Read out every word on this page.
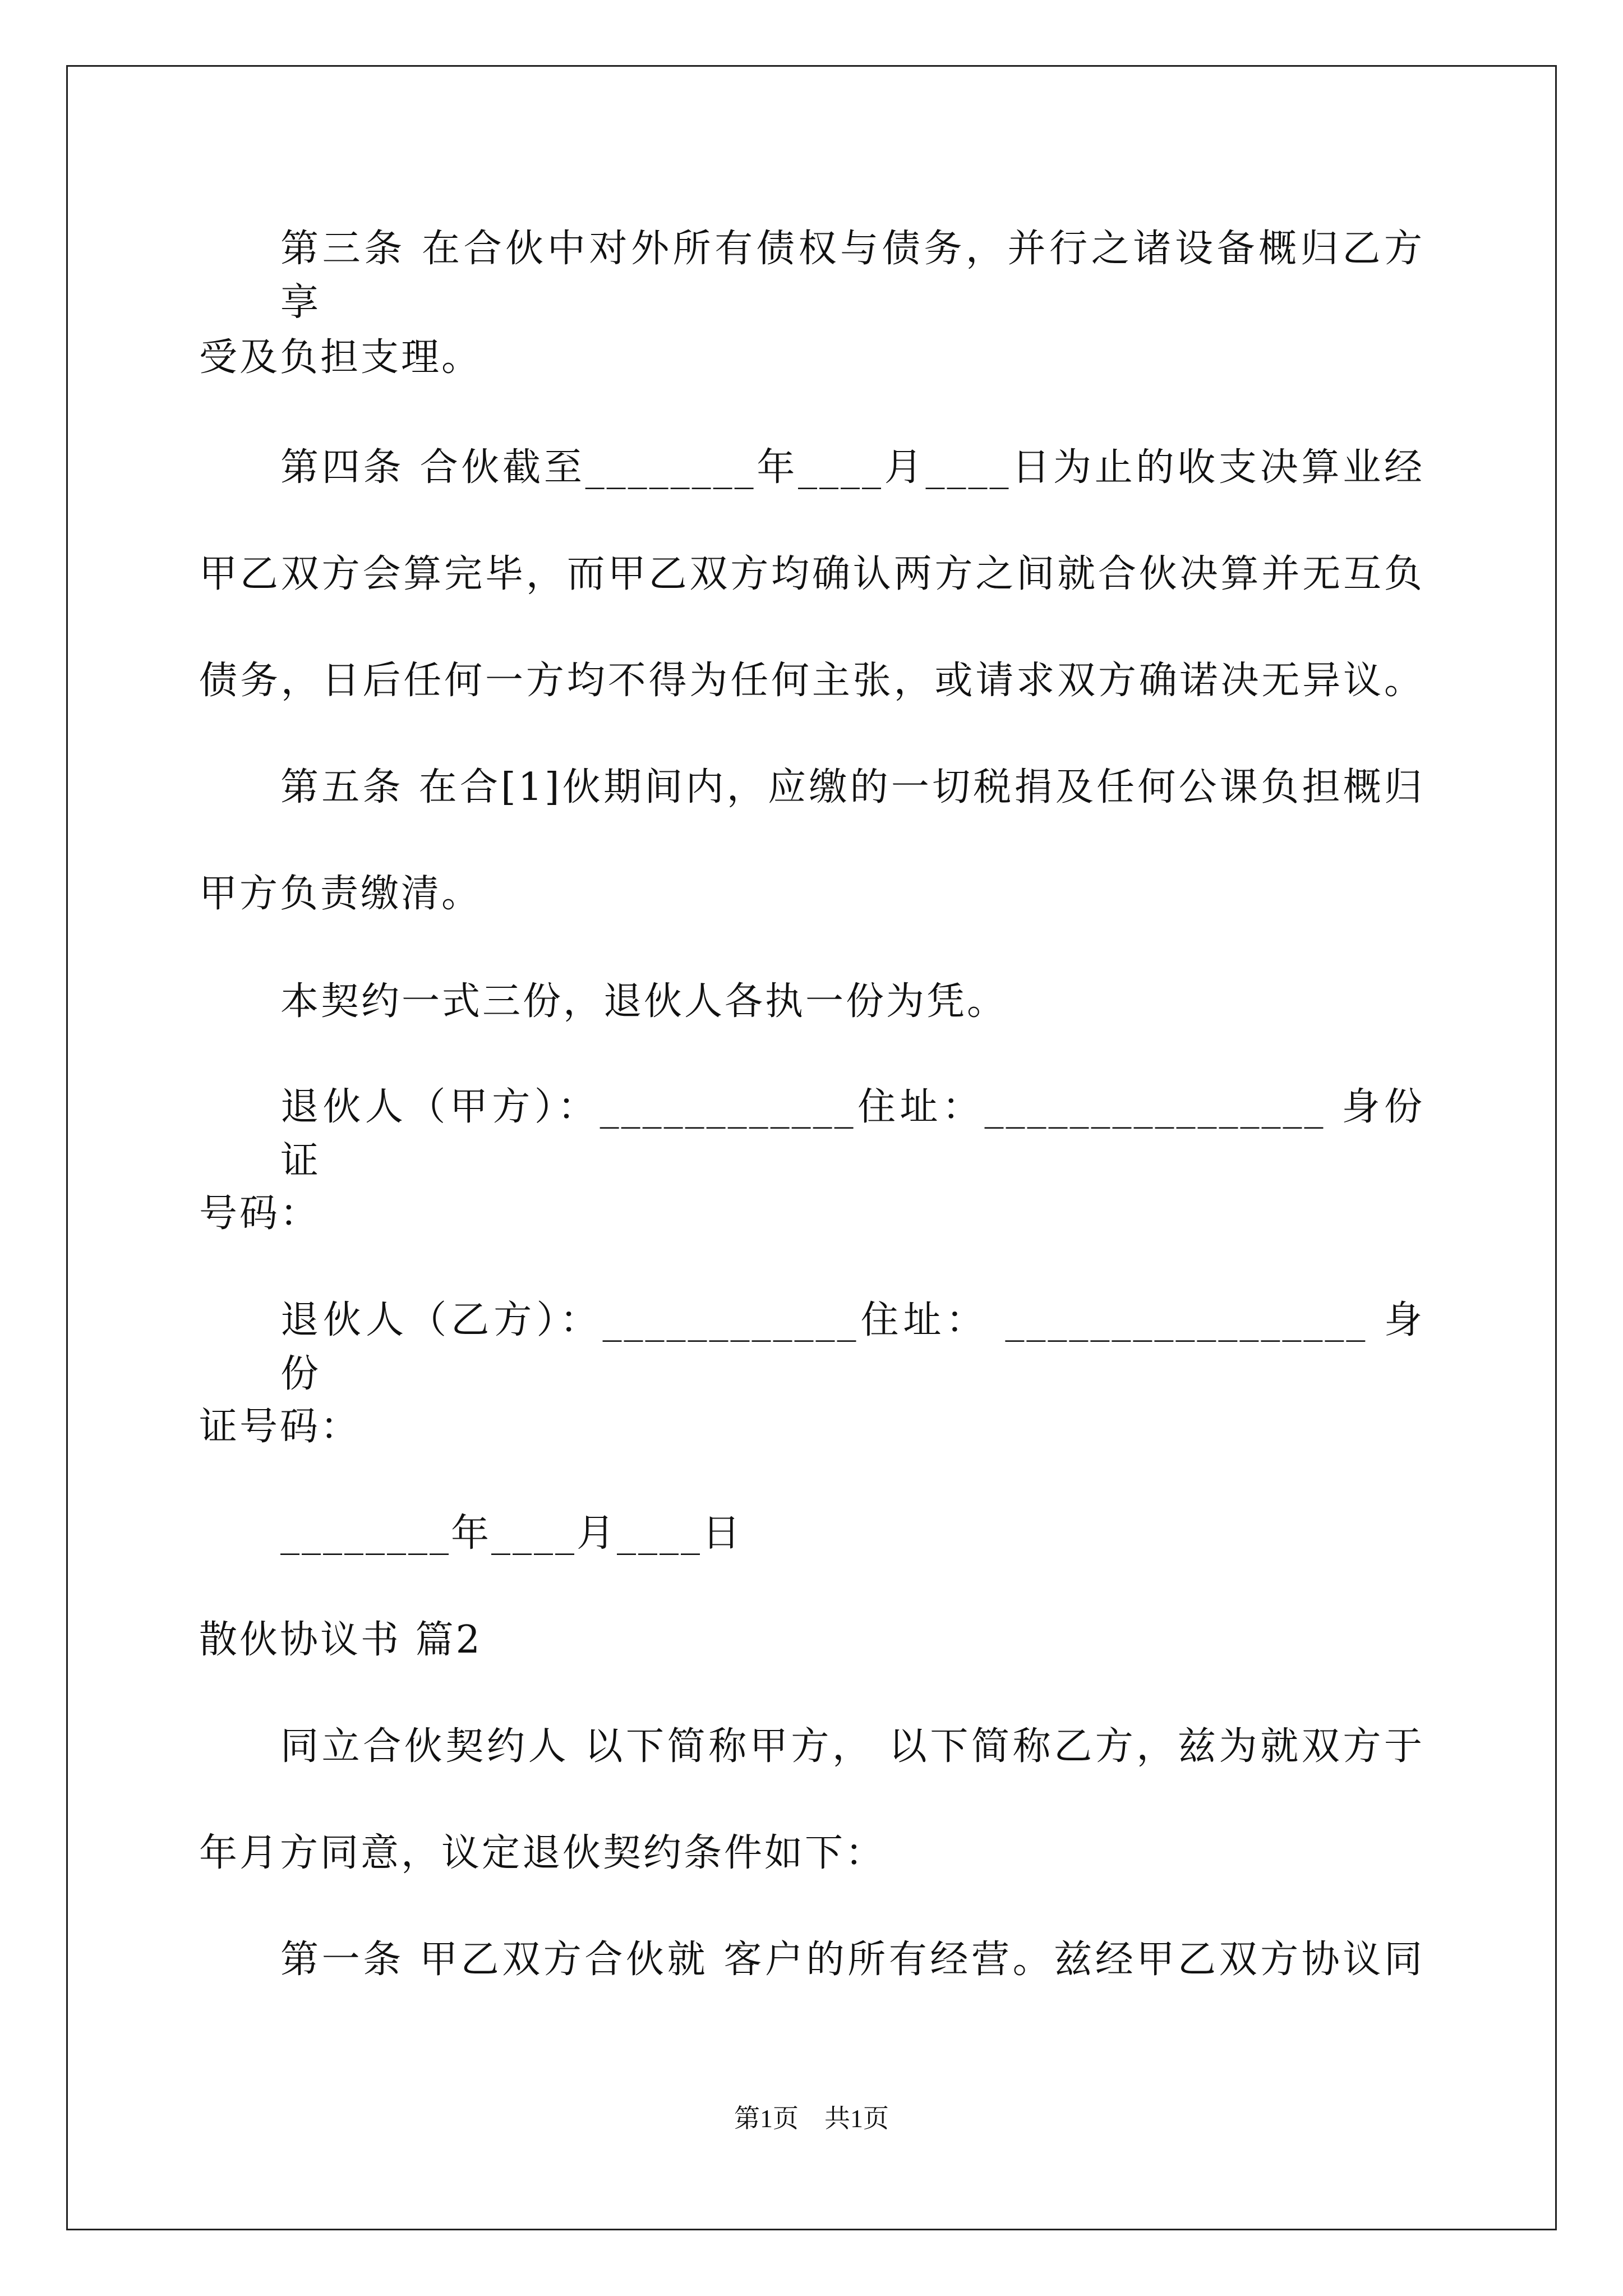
第三条 在合伙中对外所有债权与债务，并行之诸设备概归乙方享

受及负担支理。

第四条 合伙截至________年____月____日为止的收支决算业经

甲乙双方会算完毕，而甲乙双方均确认两方之间就合伙决算并无互负

债务，日后任何一方均不得为任何主张，或请求双方确诺决无异议。

第五条 在合[1]伙期间内，应缴的一切税捐及任何公课负担概归

甲方负责缴清。

本契约一式三份，退伙人各执一份为凭。

退伙人（甲方）：____________住址：________________ 身份证

号码：

退伙人（乙方）：____________住址： _________________ 身份

证号码：

________年____月____日

散伙协议书 篇2

同立合伙契约人 以下简称甲方， 以下简称乙方，兹为就双方于

年月方同意，议定退伙契约条件如下：

第一条 甲乙双方合伙就 客户的所有经营。兹经甲乙双方协议同

第1页　共1页
